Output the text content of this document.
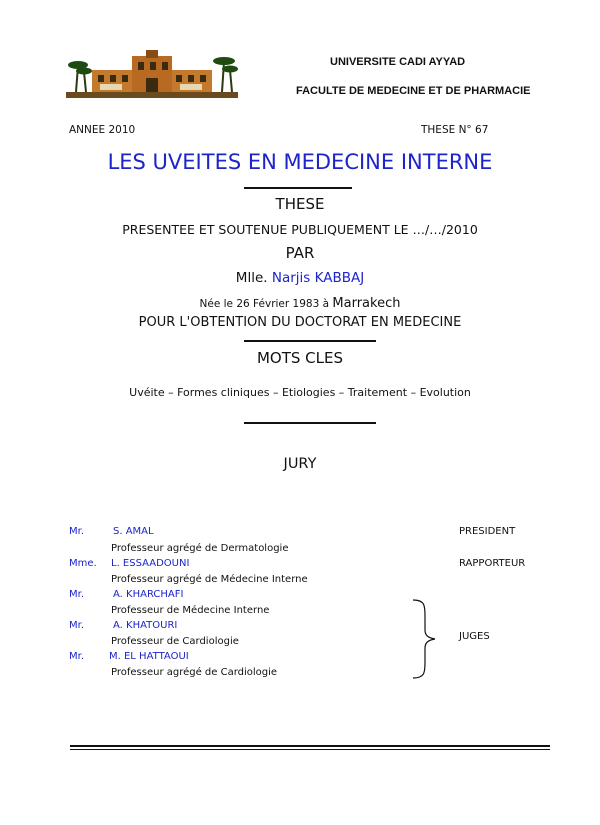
UNIVERSITE CADI AYYAD
FACULTE DE MEDECINE ET DE PHARMACIE
ANNEE 2010	THESE N° 67
LES UVEITES EN MEDECINE INTERNE
THESE
PRESENTEE ET SOUTENUE PUBLIQUEMENT LE …/…/2010
PAR
Mlle. Narjis KABBAJ
Née le 26 Février 1983 à Marrakech
POUR L'OBTENTION DU DOCTORAT EN MEDECINE
MOTS CLES
Uvéite – Formes cliniques – Etiologies – Traitement – Evolution
JURY
Mr.	S. AMAL	PRESIDENT
Professeur agrégé de Dermatologie
Mme. L. ESSAADOUNI	RAPPORTEUR
Professeur agrégé de Médecine Interne
Mr.	A. KHARCHAFI
Professeur de Médecine Interne
Mr.	A. KHATOURI
Professeur de Cardiologie
Mr.	M. EL HATTAOUI
Professeur agrégé de Cardiologie
JUGES
